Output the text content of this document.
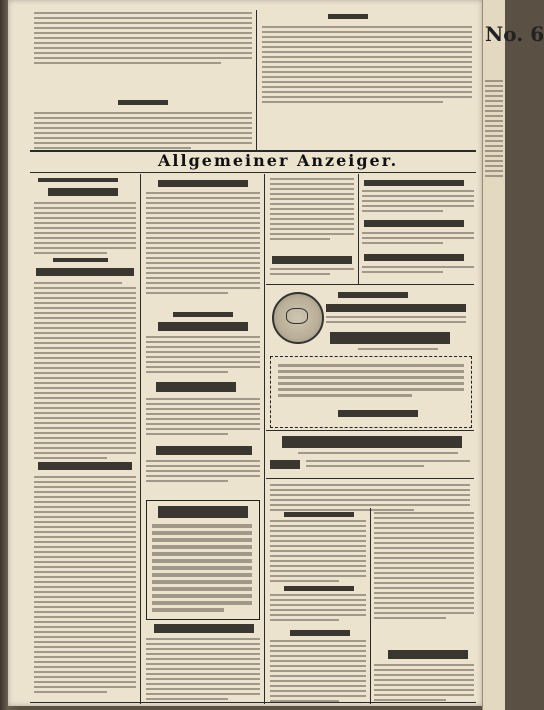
Allgemeiner Anzeiger.
No. 6
